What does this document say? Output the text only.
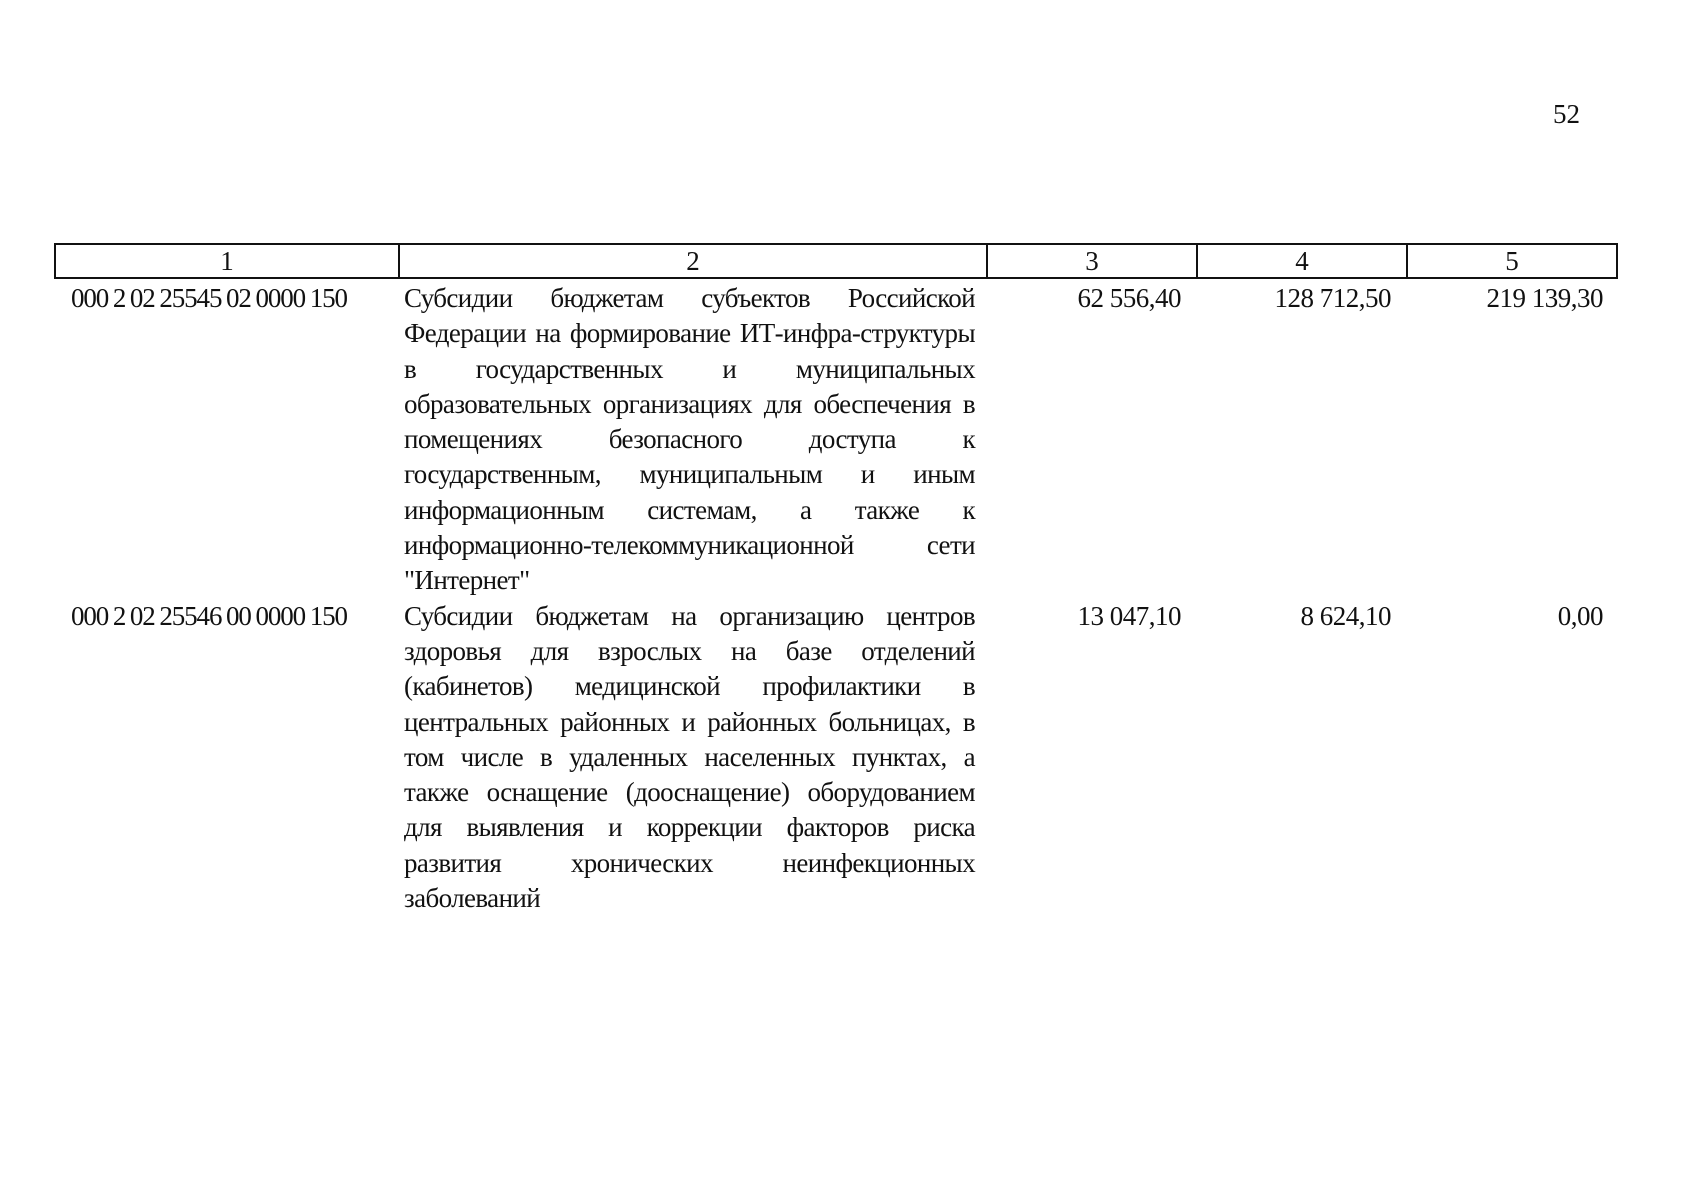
52
1	2	3	4	5
000 2 02 25545 02 0000 150	Субсидии бюджетам субъектов Российской Федерации на формирование ИТ-инфра-структуры в государственных и муниципальных образовательных организациях для обеспечения в помещениях безопасного доступа к государственным, муниципальным и иным информационным системам, а также к информационно-телекоммуникационной сети "Интернет"	62 556,40	128 712,50	219 139,30
000 2 02 25546 00 0000 150	Субсидии бюджетам на организацию центров здоровья для взрослых на базе отделений (кабинетов) медицинской профилактики в центральных районных и районных больницах, в том числе в удаленных населенных пунктах, а также оснащение (дооснащение) оборудованием для выявления и коррекции факторов риска развития хронических неинфекционных заболеваний	13 047,10	8 624,10	0,00
